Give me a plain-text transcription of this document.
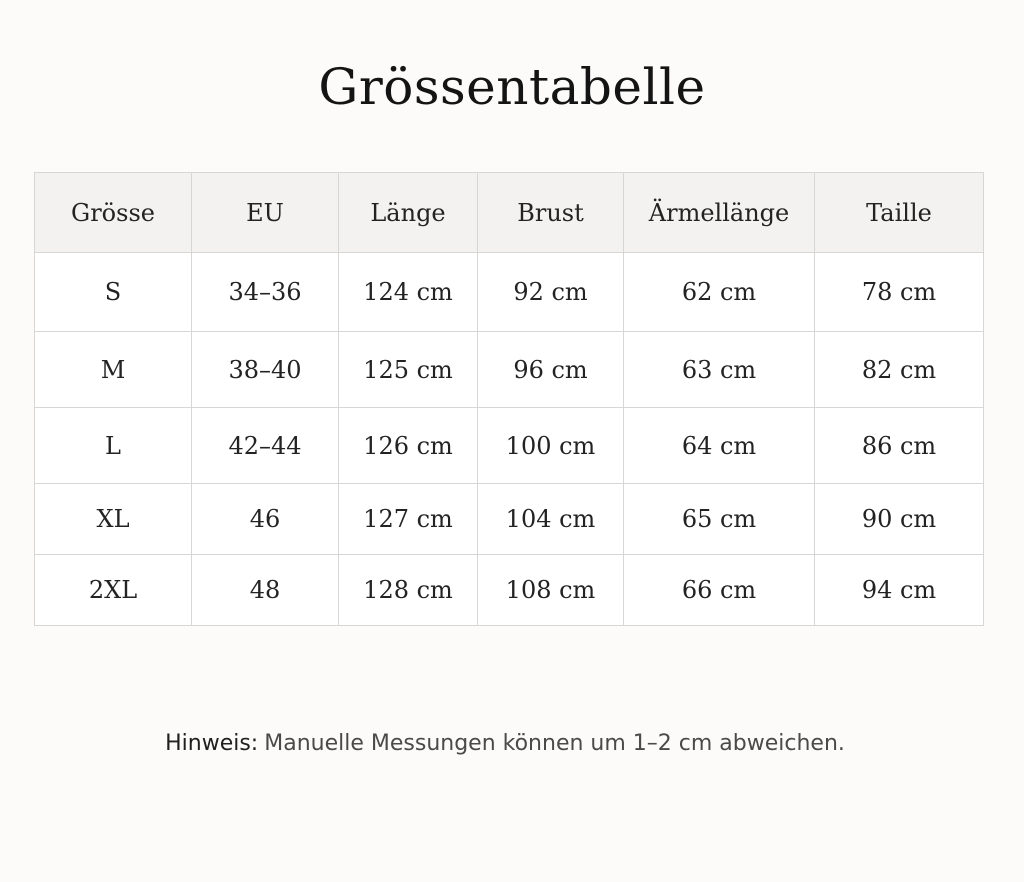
Grössentabelle
Grösse	EU	Länge	Brust	Ärmellänge	Taille
S	34–36	124 cm	92 cm	62 cm	78 cm
M	38–40	125 cm	96 cm	63 cm	82 cm
L	42–44	126 cm	100 cm	64 cm	86 cm
XL	46	127 cm	104 cm	65 cm	90 cm
2XL	48	128 cm	108 cm	66 cm	94 cm
Hinweis: Manuelle Messungen können um 1–2 cm abweichen.
